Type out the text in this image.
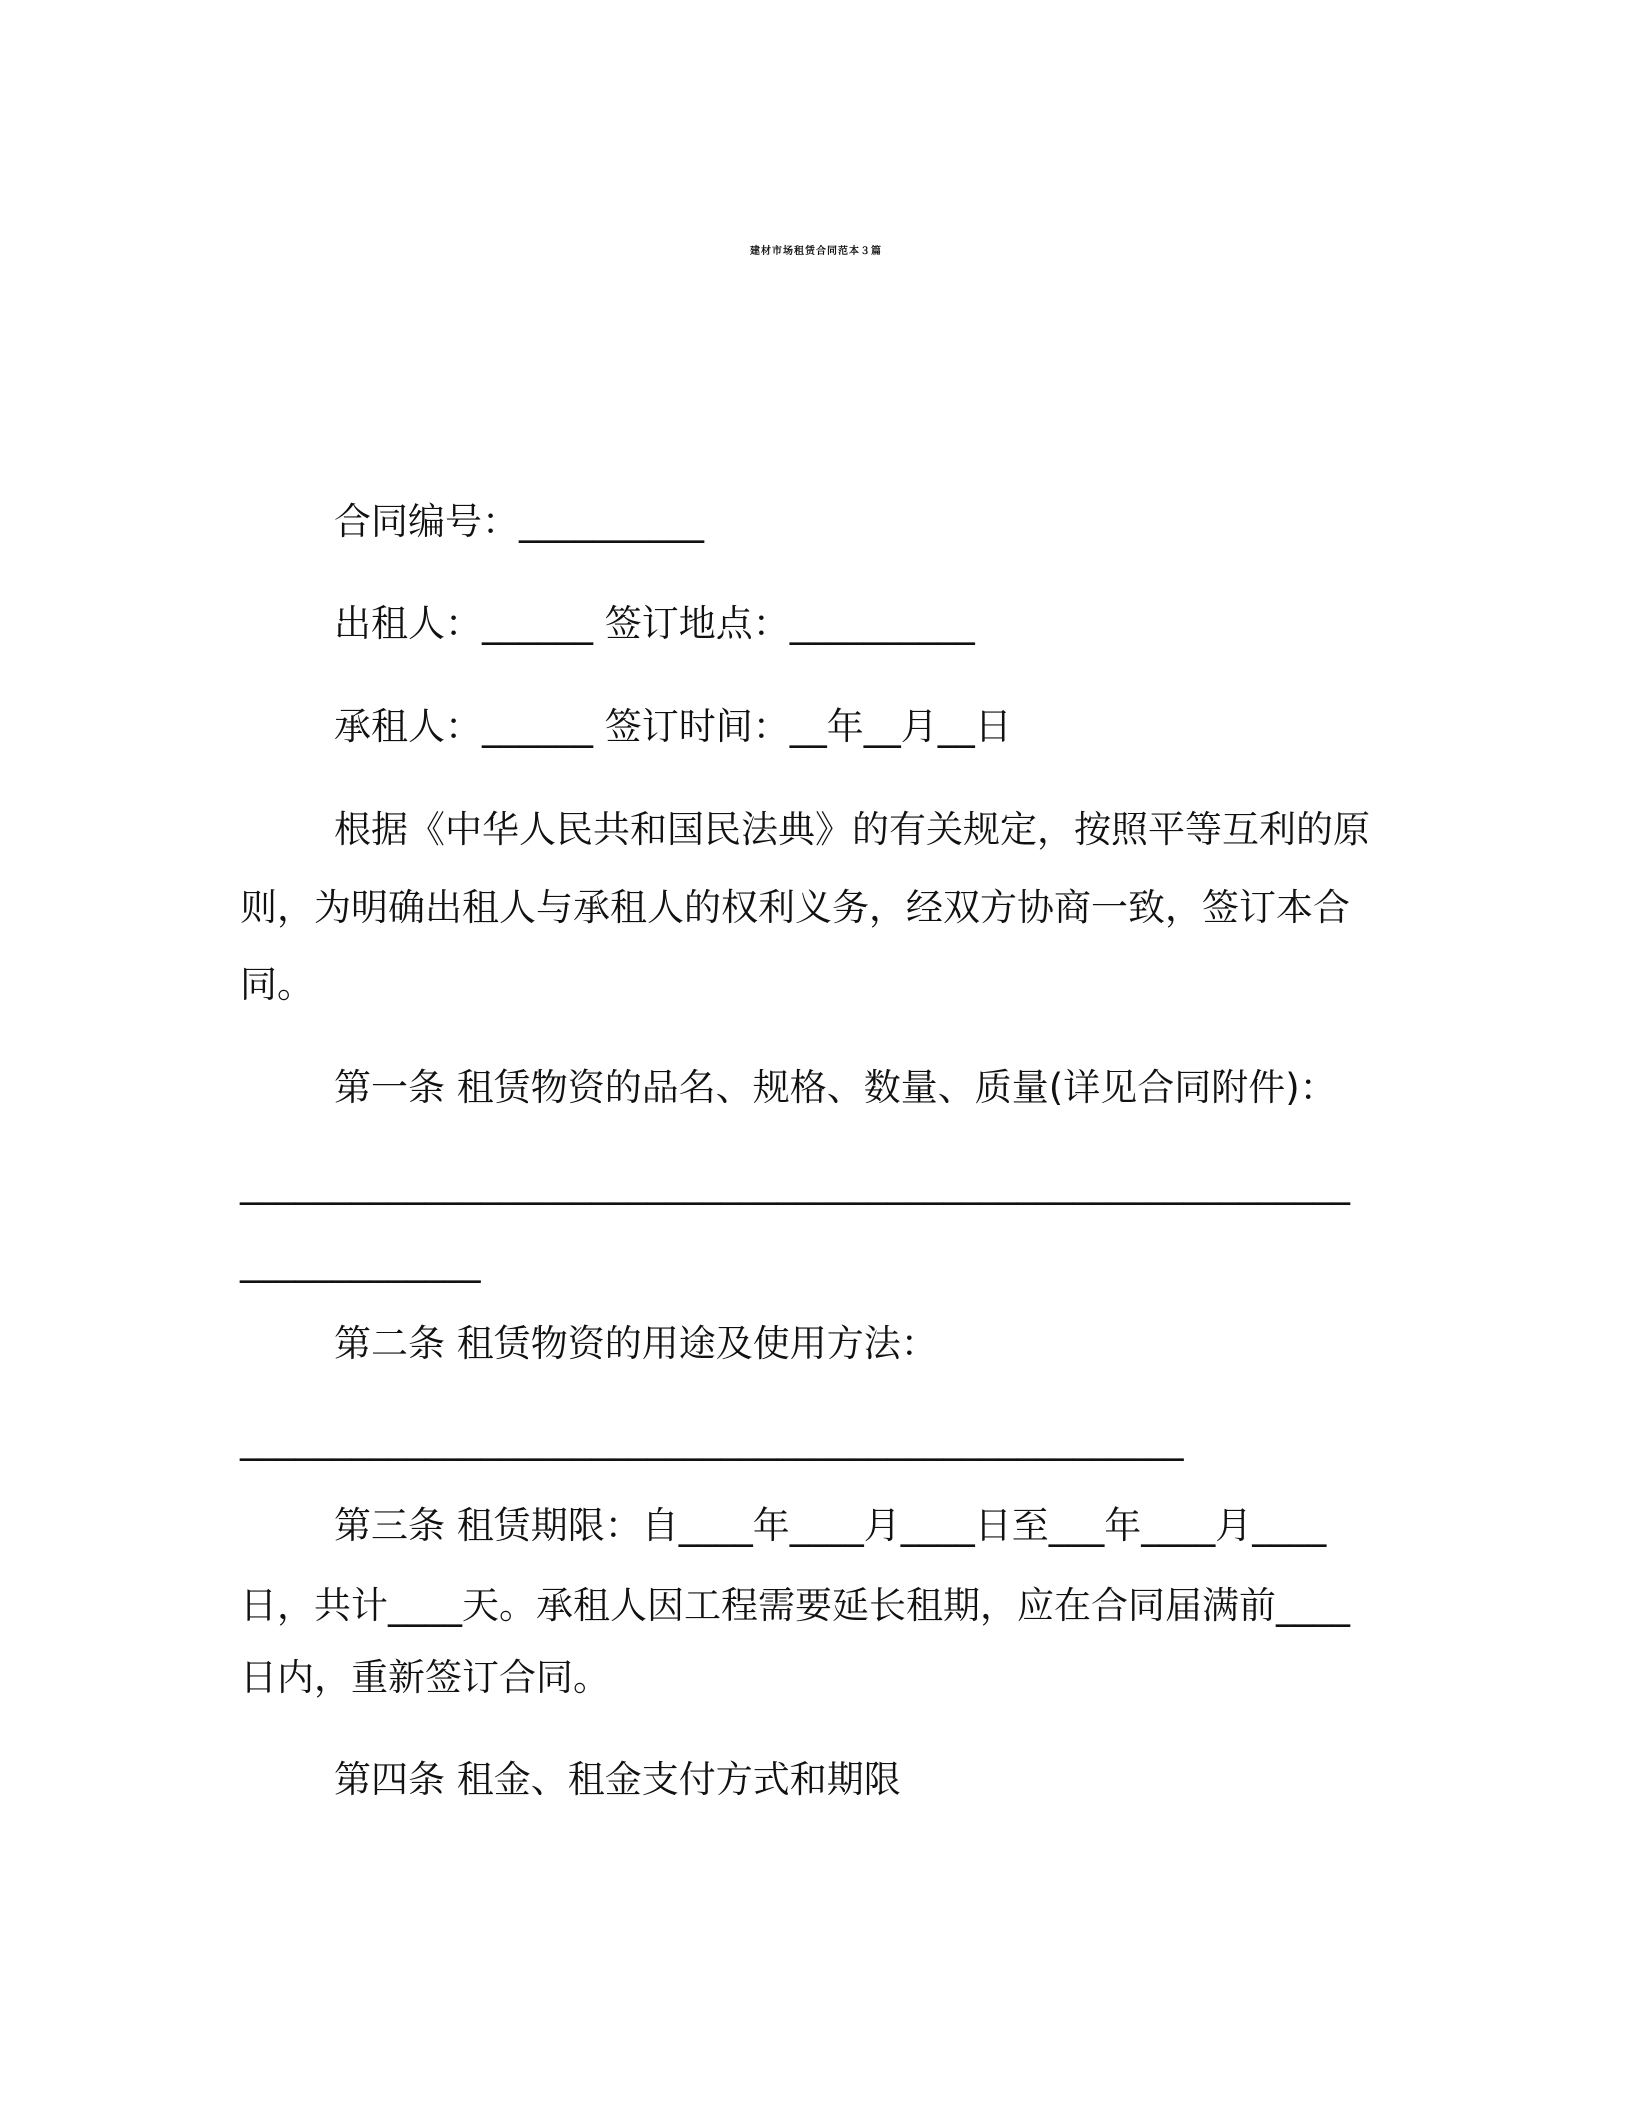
建材市场租赁合同范本３篇
合同编号：__________
出租人：______ 签订地点：__________
承租人：______ 签订时间：__年__月__日
根据《中华人民共和国民法典》的有关规定，按照平等互利的原
则，为明确出租人与承租人的权利义务，经双方协商一致，签订本合
同。
第一条 租赁物资的品名、规格、数量、质量(详见合同附件)：
____________________________________________________________
_____________
第二条 租赁物资的用途及使用方法：
___________________________________________________
第三条 租赁期限：自____年____月____日至___年____月____
日，共计____天。承租人因工程需要延长租期，应在合同届满前____
日内，重新签订合同。
第四条 租金、租金支付方式和期限
